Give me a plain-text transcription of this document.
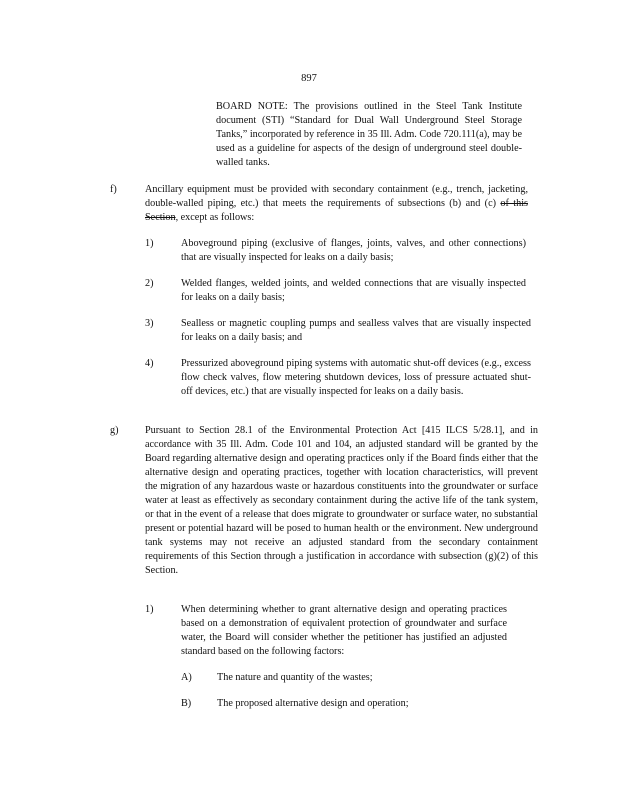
897
BOARD NOTE: The provisions outlined in the Steel Tank Institute document (STI) “Standard for Dual Wall Underground Steel Storage Tanks,” incorporated by reference in 35 Ill. Adm. Code 720.111(a), may be used as a guideline for aspects of the design of underground steel double-walled tanks.
f)	Ancillary equipment must be provided with secondary containment (e.g., trench, jacketing, double-walled piping, etc.) that meets the requirements of subsections (b) and (c) of this Section, except as follows:
1)	Aboveground piping (exclusive of flanges, joints, valves, and other connections) that are visually inspected for leaks on a daily basis;
2)	Welded flanges, welded joints, and welded connections that are visually inspected for leaks on a daily basis;
3)	Sealless or magnetic coupling pumps and sealless valves that are visually inspected for leaks on a daily basis; and
4)	Pressurized aboveground piping systems with automatic shut-off devices (e.g., excess flow check valves, flow metering shutdown devices, loss of pressure actuated shut-off devices, etc.) that are visually inspected for leaks on a daily basis.
g)	Pursuant to Section 28.1 of the Environmental Protection Act [415 ILCS 5/28.1], and in accordance with 35 Ill. Adm. Code 101 and 104, an adjusted standard will be granted by the Board regarding alternative design and operating practices only if the Board finds either that the alternative design and operating practices, together with location characteristics, will prevent the migration of any hazardous waste or hazardous constituents into the groundwater or surface water at least as effectively as secondary containment during the active life of the tank system, or that in the event of a release that does migrate to groundwater or surface water, no substantial present or potential hazard will be posed to human health or the environment. New underground tank systems may not receive an adjusted standard from the secondary containment requirements of this Section through a justification in accordance with subsection (g)(2) of this Section.
1)	When determining whether to grant alternative design and operating practices based on a demonstration of equivalent protection of groundwater and surface water, the Board will consider whether the petitioner has justified an adjusted standard based on the following factors:
A) The nature and quantity of the wastes;
B)	The proposed alternative design and operation;
